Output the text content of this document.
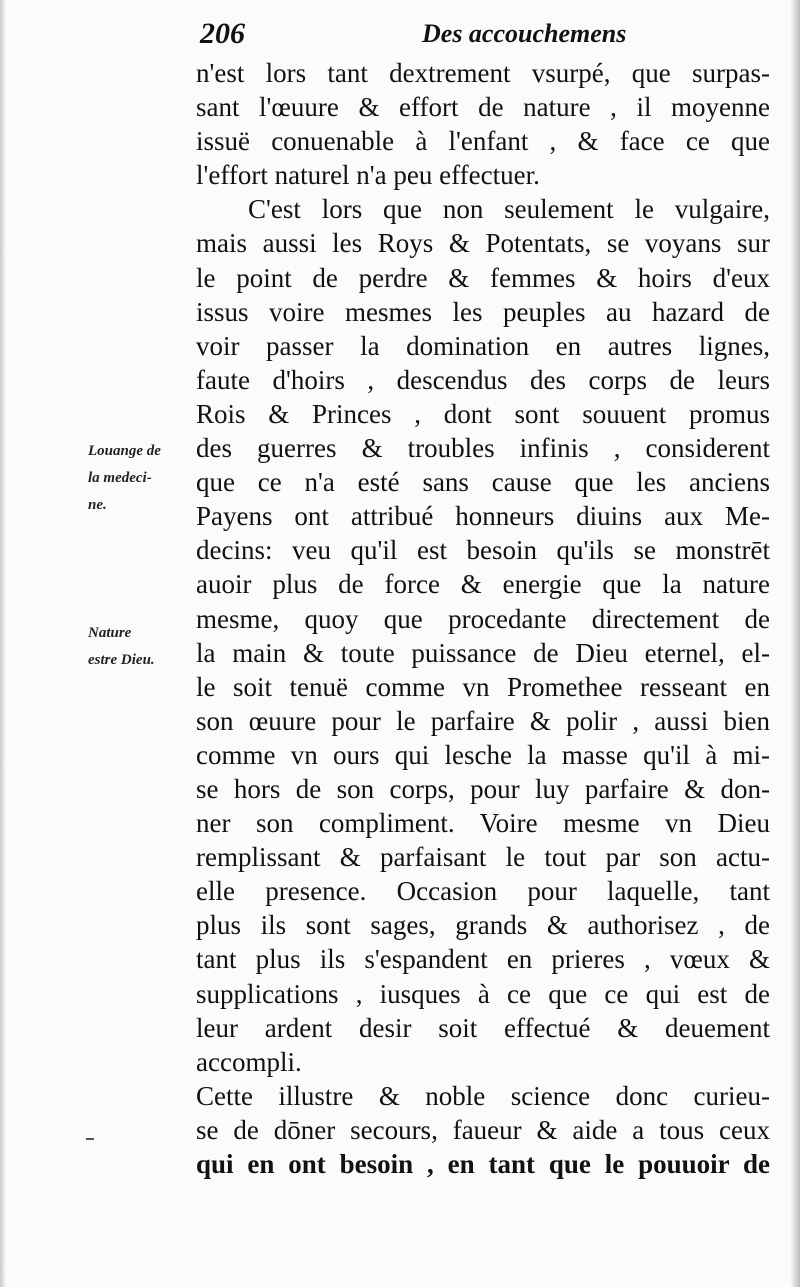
206	Des accouchemens
Louange de
la medeci-
ne.
Nature
estre Dieu.
n'est lors tant dextrement vsurpé, que surpas-
sant l'œuure & effort de nature , il moyenne
issuë conuenable à l'enfant , & face ce que
l'effort naturel n'a peu effectuer.
C'est lors que non seulement le vulgaire,
mais aussi les Roys & Potentats, se voyans sur
le point de perdre & femmes & hoirs d'eux
issus voire mesmes les peuples au hazard de
voir passer la domination en autres lignes,
faute d'hoirs , descendus des corps de leurs
Rois & Princes , dont sont souuent promus
des guerres & troubles infinis , considerent
que ce n'a esté sans cause que les anciens
Payens ont attribué honneurs diuins aux Me-
decins: veu qu'il est besoin qu'ils se monstrēt
auoir plus de force & energie que la nature
mesme, quoy que procedante directement de
la main & toute puissance de Dieu eternel, el-
le soit tenuë comme vn Promethee resseant en
son œuure pour le parfaire & polir , aussi bien
comme vn ours qui lesche la masse qu'il à mi-
se hors de son corps, pour luy parfaire & don-
ner son compliment. Voire mesme vn Dieu
remplissant & parfaisant le tout par son actu-
elle presence. Occasion pour laquelle, tant
plus ils sont sages, grands & authorisez , de
tant plus ils s'espandent en prieres , vœux &
supplications , iusques à ce que ce qui est de
leur ardent desir soit effectué & deuement
accompli.
Cette illustre & noble science donc curieu-
se de dōner secours, faueur & aide a tous ceux
qui en ont besoin , en tant que le pouuoir de
